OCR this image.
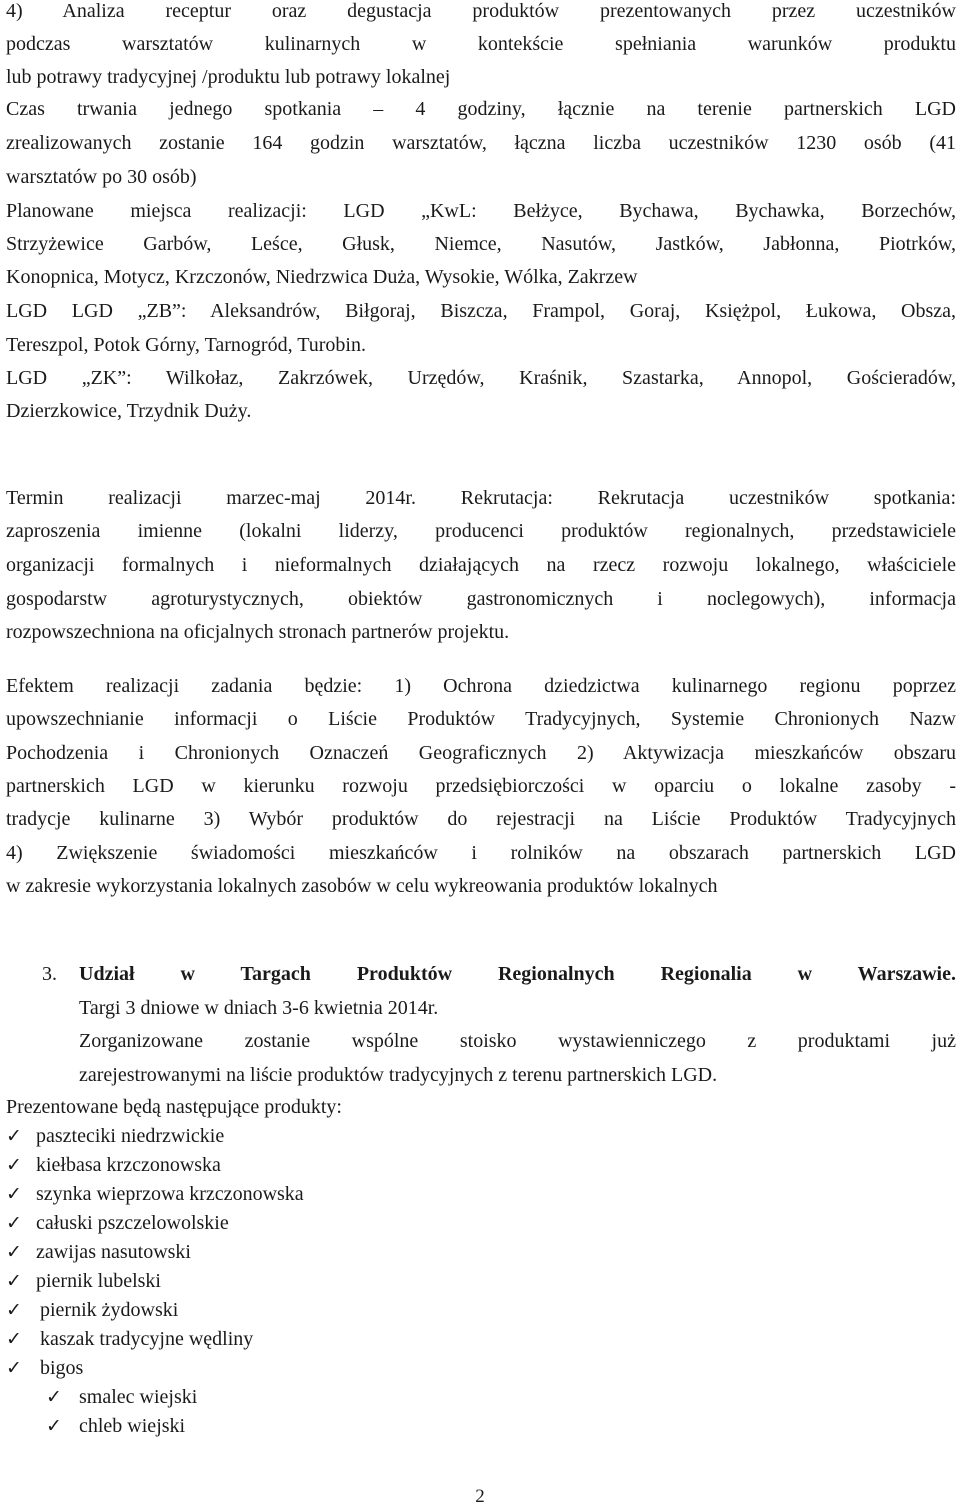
4) Analiza receptur oraz degustacja produktów prezentowanych przez uczestników
podczas warsztatów kulinarnych w kontekście spełniania warunków produktu
lub potrawy tradycyjnej /produktu lub potrawy lokalnej
Czas trwania jednego spotkania – 4 godziny, łącznie na terenie partnerskich LGD
zrealizowanych zostanie 164 godzin warsztatów, łączna liczba uczestników 1230 osób (41
warsztatów po 30 osób)
Planowane miejsca realizacji: LGD „KwL: Bełżyce, Bychawa, Bychawka, Borzechów,
Strzyżewice Garbów, Leśce, Głusk, Niemce, Nasutów, Jastków, Jabłonna, Piotrków,
Konopnica, Motycz, Krzczonów, Niedrzwica Duża, Wysokie, Wólka, Zakrzew
LGD LGD „ZB”: Aleksandrów, Biłgoraj, Biszcza, Frampol, Goraj, Księżpol, Łukowa, Obsza,
Tereszpol, Potok Górny, Tarnogród, Turobin.
LGD „ZK”: Wilkołaz, Zakrzówek, Urzędów, Kraśnik, Szastarka, Annopol, Gościeradów,
Dzierzkowice, Trzydnik Duży.
Termin realizacji marzec-maj 2014r. Rekrutacja: Rekrutacja uczestników spotkania:
zaproszenia imienne (lokalni liderzy, producenci produktów regionalnych, przedstawiciele
organizacji formalnych i nieformalnych działających na rzecz rozwoju lokalnego, właściciele
gospodarstw agroturystycznych, obiektów gastronomicznych i noclegowych), informacja
rozpowszechniona na oficjalnych stronach partnerów projektu.
Efektem realizacji zadania będzie: 1) Ochrona dziedzictwa kulinarnego regionu poprzez
upowszechnianie informacji o Liście Produktów Tradycyjnych, Systemie Chronionych Nazw
Pochodzenia i Chronionych Oznaczeń Geograficznych 2) Aktywizacja mieszkańców obszaru
partnerskich LGD w kierunku rozwoju przedsiębiorczości w oparciu o lokalne zasoby -
tradycje kulinarne 3) Wybór produktów do rejestracji na Liście Produktów Tradycyjnych
4) Zwiększenie świadomości mieszkańców i rolników na obszarach partnerskich LGD
w zakresie wykorzystania lokalnych zasobów w celu wykreowania produktów lokalnych
3. Udział w Targach Produktów Regionalnych Regionalia w Warszawie.
Targi 3 dniowe w dniach 3-6 kwietnia 2014r.
Zorganizowane zostanie wspólne stoisko wystawienniczego z produktami już
zarejestrowanymi na liście produktów tradycyjnych z terenu partnerskich LGD.
Prezentowane będą następujące produkty:
✓ paszteciki niedrzwickie
✓ kiełbasa krzczonowska
✓ szynka wieprzowa krzczonowska
✓ całuski pszczelowolskie
✓ zawijas nasutowski
✓ piernik lubelski
✓ piernik żydowski
✓ kaszak tradycyjne wędliny
✓ bigos
✓ smalec wiejski
✓ chleb wiejski
2
